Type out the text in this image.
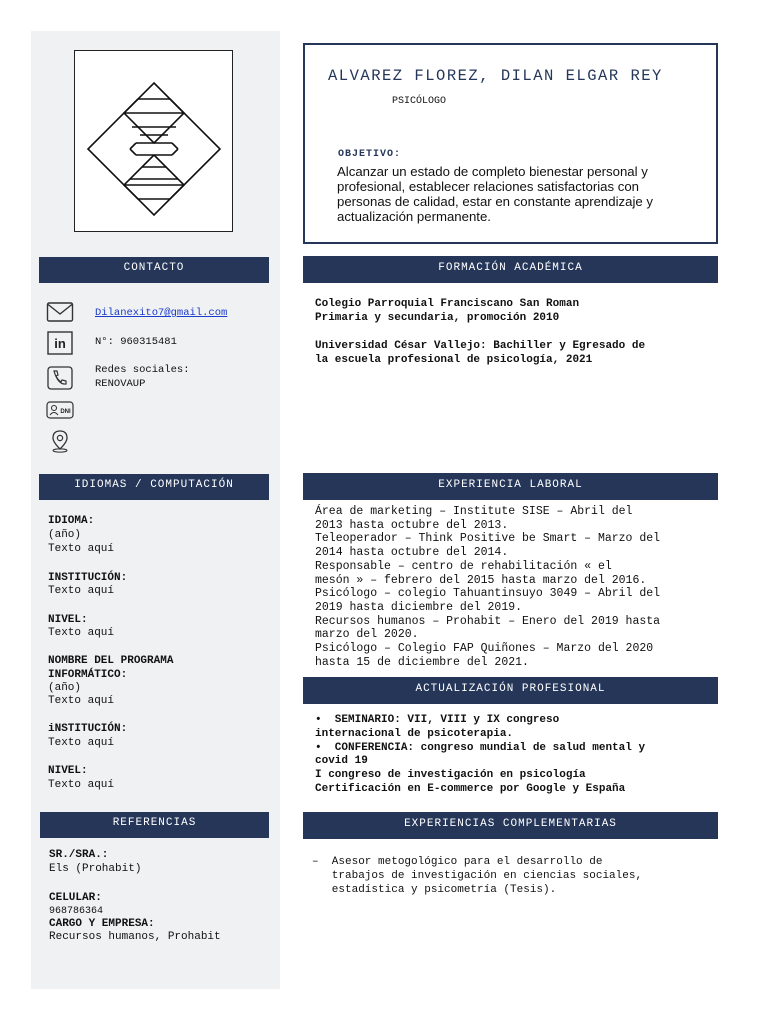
ALVAREZ FLOREZ, DILAN ELGAR REY
PSICÓLOGO
OBJETIVO:
Alcanzar un estado de completo bienestar personal y profesional, establecer relaciones satisfactorias con personas de calidad, estar en constante aprendizaje y actualización permanente.
CONTACTO
Dilanexito7@gmail.com
in	N°: 960315481
Redes sociales:
RENOVAUP
DNI
IDIOMAS / COMPUTACIÓN
IDIOMA:
(año)
Texto aquí
INSTITUCIÓN:
Texto aquí
NIVEL:
Texto aquí
NOMBRE DEL PROGRAMA
INFORMÁTICO:
(año)
Texto aquí
iNSTITUCIÓN:
Texto aquí
NIVEL:
Texto aquí
REFERENCIAS
SR./SRA.:
Els (Prohabit)
CELULAR:
968786364
CARGO Y EMPRESA:
Recursos humanos, Prohabit
FORMACIÓN ACADÉMICA
Colegio Parroquial Franciscano San Roman
Primaria y secundaria, promoción 2010
Universidad César Vallejo: Bachiller y Egresado de
la escuela profesional de psicología, 2021
EXPERIENCIA LABORAL
Área de marketing – Institute SISE – Abril del
2013 hasta octubre del 2013.
Teleoperador – Think Positive be Smart – Marzo del
2014 hasta octubre del 2014.
Responsable – centro de rehabilitación « el
mesón » – febrero del 2015 hasta marzo del 2016.
Psicólogo – colegio Tahuantinsuyo 3049 – Abril del
2019 hasta diciembre del 2019.
Recursos humanos – Prohabit – Enero del 2019 hasta
marzo del 2020.
Psicólogo – Colegio FAP Quiñones – Marzo del 2020
hasta 15 de diciembre del 2021.
ACTUALIZACIÓN PROFESIONAL
•  SEMINARIO: VII, VIII y IX congreso
internacional de psicoterapia.
•  CONFERENCIA: congreso mundial de salud mental y
covid 19
I congreso de investigación en psicología
Certificación en E-commerce por Google y España
EXPERIENCIAS COMPLEMENTARIAS
–  Asesor metogológico para el desarrollo de
trabajos de investigación en ciencias sociales,
estadística y psicometría (Tesis).
